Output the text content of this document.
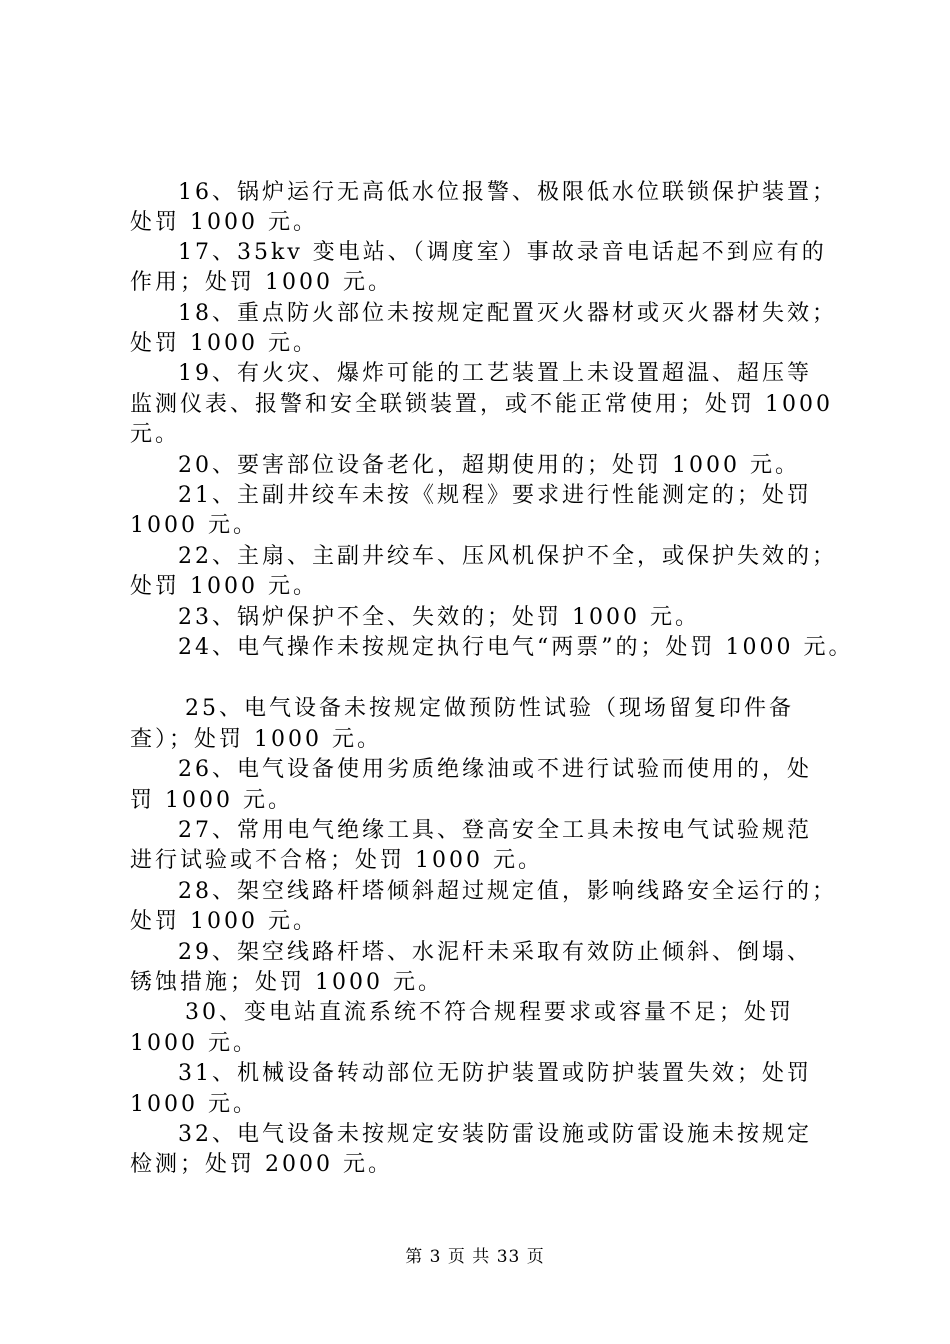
16、锅炉运行无高低水位报警、极限低水位联锁保护装置；
处罚 1000 元。
17、35kv 变电站、（调度室）事故录音电话起不到应有的
作用；处罚 1000 元。
18、重点防火部位未按规定配置灭火器材或灭火器材失效；
处罚 1000 元。
19、有火灾、爆炸可能的工艺装置上未设置超温、超压等
监测仪表、报警和安全联锁装置，或不能正常使用；处罚 1000
元。
20、要害部位设备老化，超期使用的；处罚 1000 元。
21、主副井绞车未按《规程》要求进行性能测定的；处罚
1000 元。
22、主扇、主副井绞车、压风机保护不全，或保护失效的；
处罚 1000 元。
23、锅炉保护不全、失效的；处罚 1000 元。
24、电气操作未按规定执行电气“两票”的；处罚 1000 元。
25、电气设备未按规定做预防性试验（现场留复印件备
查）；处罚 1000 元。
26、电气设备使用劣质绝缘油或不进行试验而使用的，处
罚 1000 元。
27、常用电气绝缘工具、登高安全工具未按电气试验规范
进行试验或不合格；处罚 1000 元。
28、架空线路杆塔倾斜超过规定值，影响线路安全运行的；
处罚 1000 元。
29、架空线路杆塔、水泥杆未采取有效防止倾斜、倒塌、
锈蚀措施；处罚 1000 元。
30、变电站直流系统不符合规程要求或容量不足；处罚
1000 元。
31、机械设备转动部位无防护装置或防护装置失效；处罚
1000 元。
32、电气设备未按规定安装防雷设施或防雷设施未按规定
检测；处罚 2000 元。
第 3 页 共 33 页
